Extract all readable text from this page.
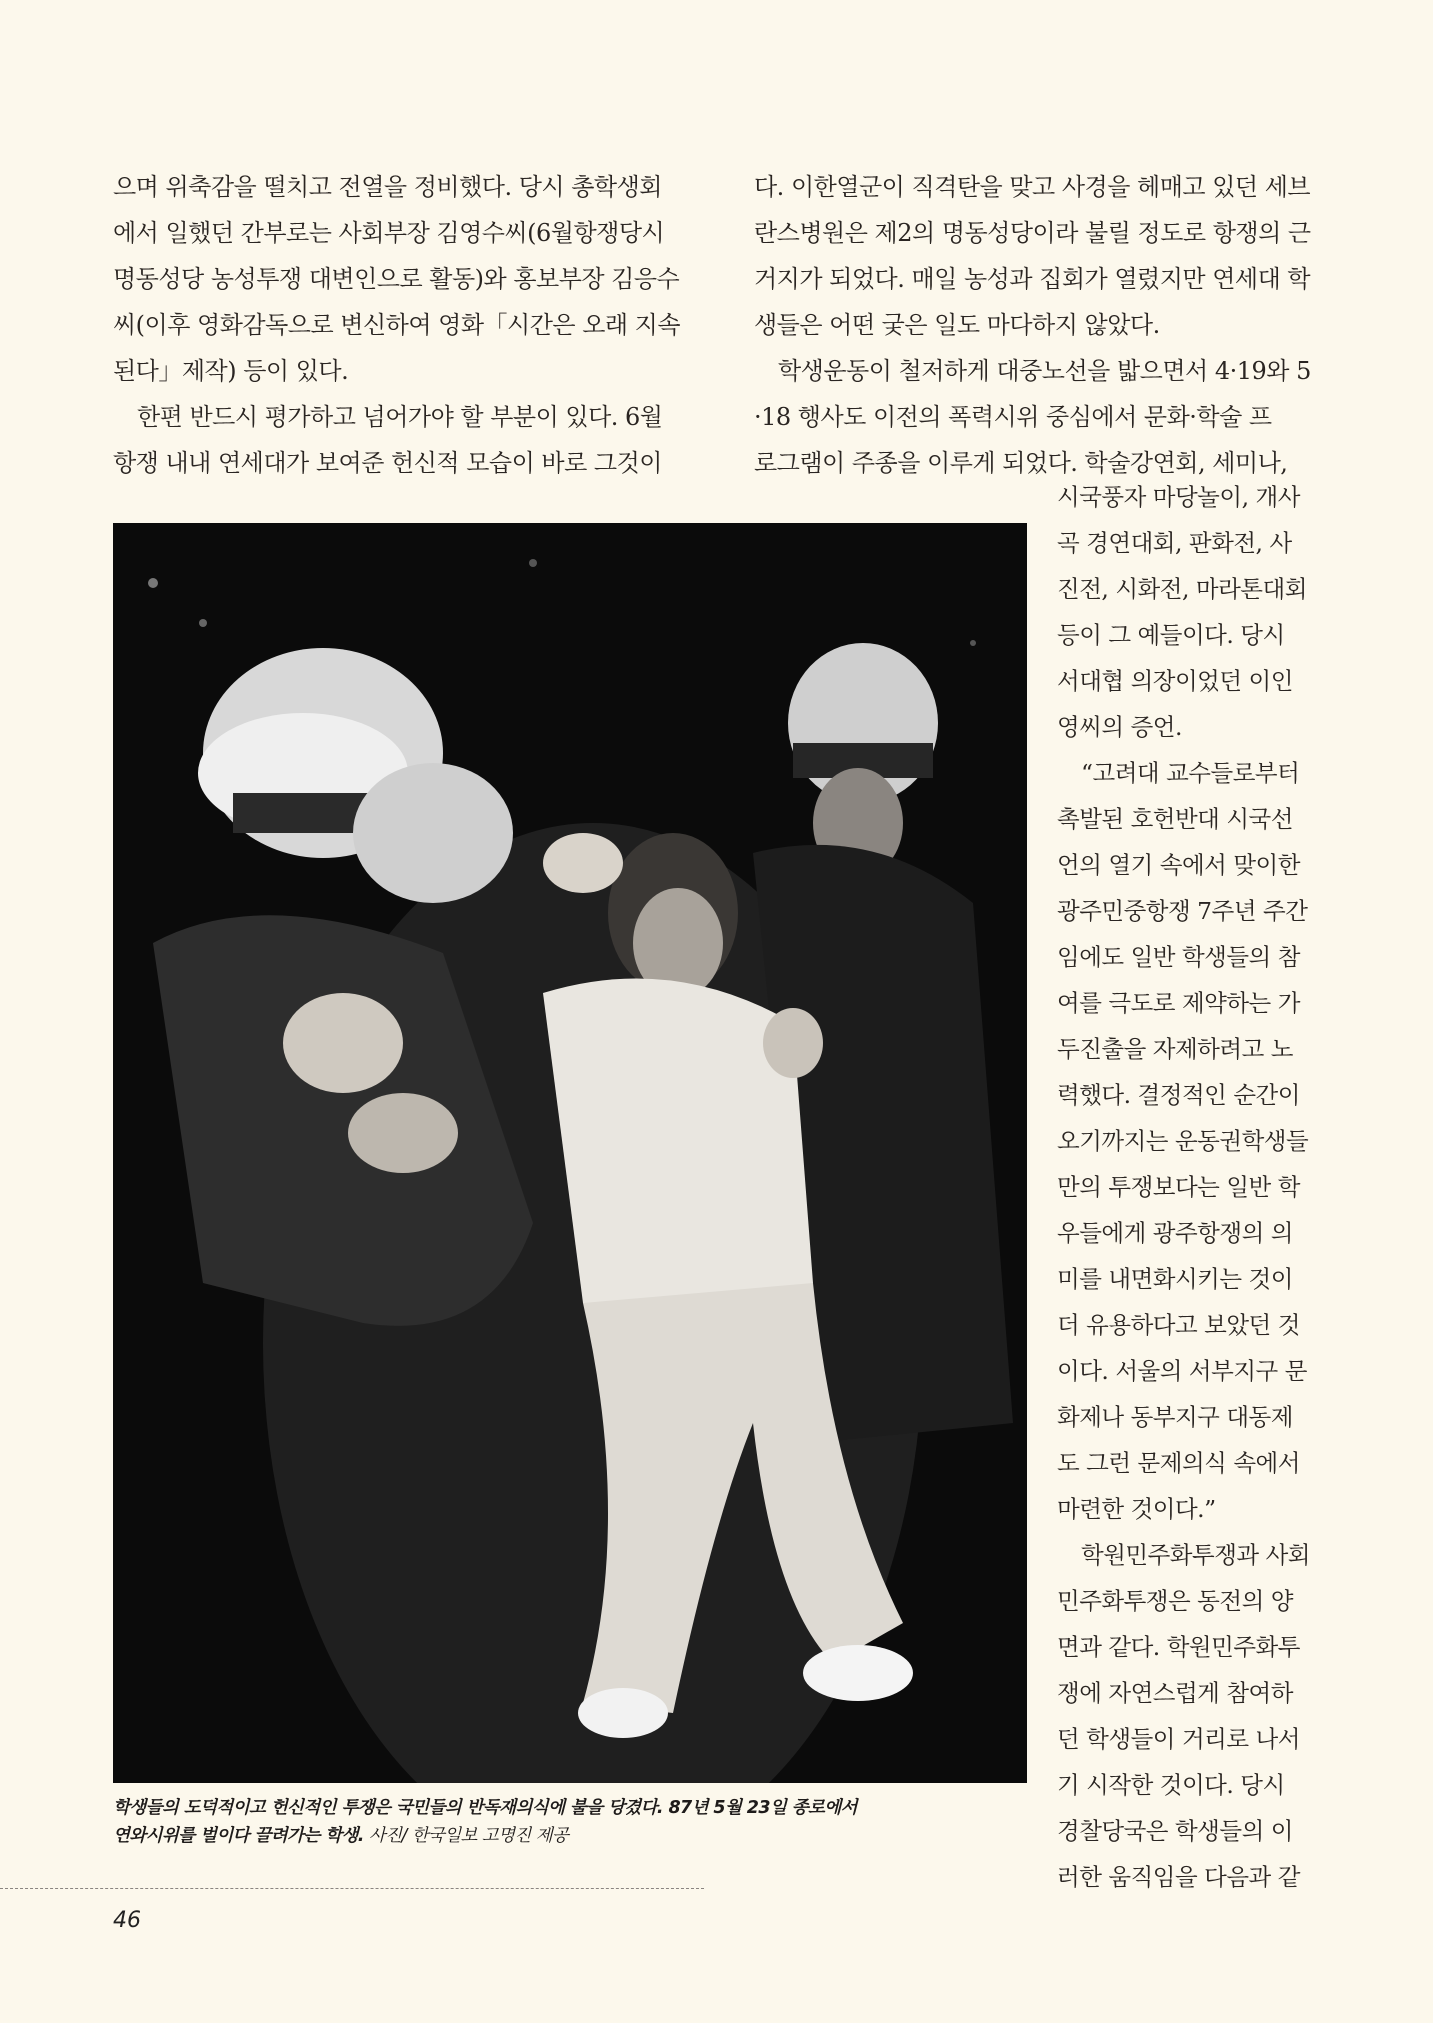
으며 위축감을 떨치고 전열을 정비했다. 당시 총학생회

에서 일했던 간부로는 사회부장 김영수씨(6월항쟁당시

명동성당 농성투쟁 대변인으로 활동)와 홍보부장 김응수

씨(이후 영화감독으로 변신하여 영화「시간은 오래 지속

된다」제작) 등이 있다.

한편 반드시 평가하고 넘어가야 할 부분이 있다. 6월

항쟁 내내 연세대가 보여준 헌신적 모습이 바로 그것이

다. 이한열군이 직격탄을 맞고 사경을 헤매고 있던 세브

란스병원은 제2의 명동성당이라 불릴 정도로 항쟁의 근

거지가 되었다. 매일 농성과 집회가 열렸지만 연세대 학

생들은 어떤 궂은 일도 마다하지 않았다.

학생운동이 철저하게 대중노선을 밟으면서 4·19와 5

·18 행사도 이전의 폭력시위 중심에서 문화·학술 프

로그램이 주종을 이루게 되었다. 학술강연회, 세미나,

시국풍자 마당놀이, 개사

곡 경연대회, 판화전, 사

진전, 시화전, 마라톤대회

등이 그 예들이다. 당시

서대협 의장이었던 이인

영씨의 증언.

“고려대 교수들로부터

촉발된 호헌반대 시국선

언의 열기 속에서 맞이한

광주민중항쟁 7주년 주간

임에도 일반 학생들의 참

여를 극도로 제약하는 가

두진출을 자제하려고 노

력했다. 결정적인 순간이

오기까지는 운동권학생들

만의 투쟁보다는 일반 학

우들에게 광주항쟁의 의

미를 내면화시키는 것이

더 유용하다고 보았던 것

이다. 서울의 서부지구 문

화제나 동부지구 대동제

도 그런 문제의식 속에서

마련한 것이다.”

학원민주화투쟁과 사회

민주화투쟁은 동전의 양

면과 같다. 학원민주화투

쟁에 자연스럽게 참여하

던 학생들이 거리로 나서

기 시작한 것이다. 당시

경찰당국은 학생들의 이

러한 움직임을 다음과 같

학생들의 도덕적이고 헌신적인 투쟁은 국민들의 반독재의식에 불을 당겼다. 87년 5월 23일 종로에서
연와시위를 벌이다 끌려가는 학생. 사진/ 한국일보 고명진 제공
46
